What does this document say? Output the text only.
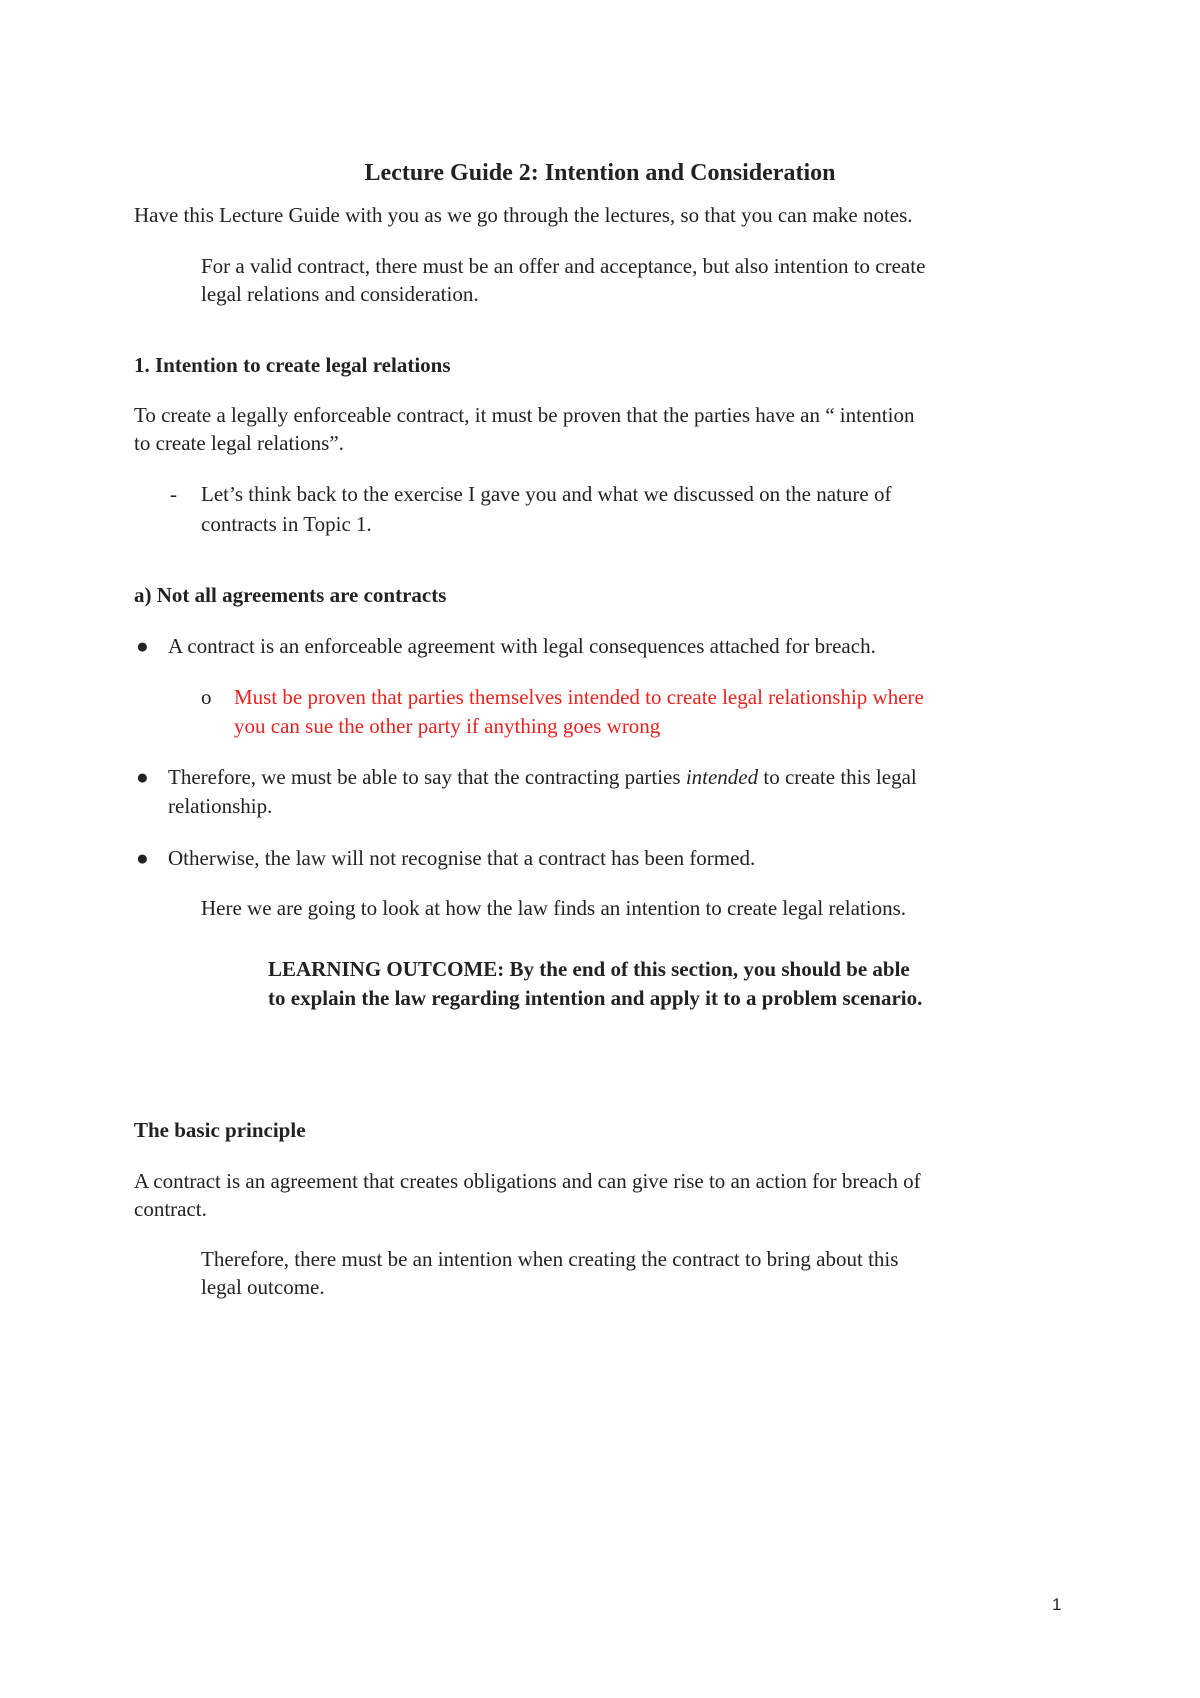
Lecture Guide 2: Intention and Consideration

Have this Lecture Guide with you as we go through the lectures, so that you can make notes.

For a valid contract, there must be an offer and acceptance, but also intention to create

legal relations and consideration.

1. Intention to create legal relations

To create a legally enforceable contract, it must be proven that the parties have an “ intention

to create legal relations”.

- Let’s think back to the exercise I gave you and what we discussed on the nature of

contracts in Topic 1.

a) Not all agreements are contracts

● A contract is an enforceable agreement with legal consequences attached for breach.

o Must be proven that parties themselves intended to create legal relationship where

you can sue the other party if anything goes wrong

● Therefore, we must be able to say that the contracting parties intended to create this legal

relationship.

● Otherwise, the law will not recognise that a contract has been formed.

Here we are going to look at how the law finds an intention to create legal relations.

LEARNING OUTCOME: By the end of this section, you should be able

to explain the law regarding intention and apply it to a problem scenario.

The basic principle

A contract is an agreement that creates obligations and can give rise to an action for breach of

contract.

Therefore, there must be an intention when creating the contract to bring about this

legal outcome.

1
